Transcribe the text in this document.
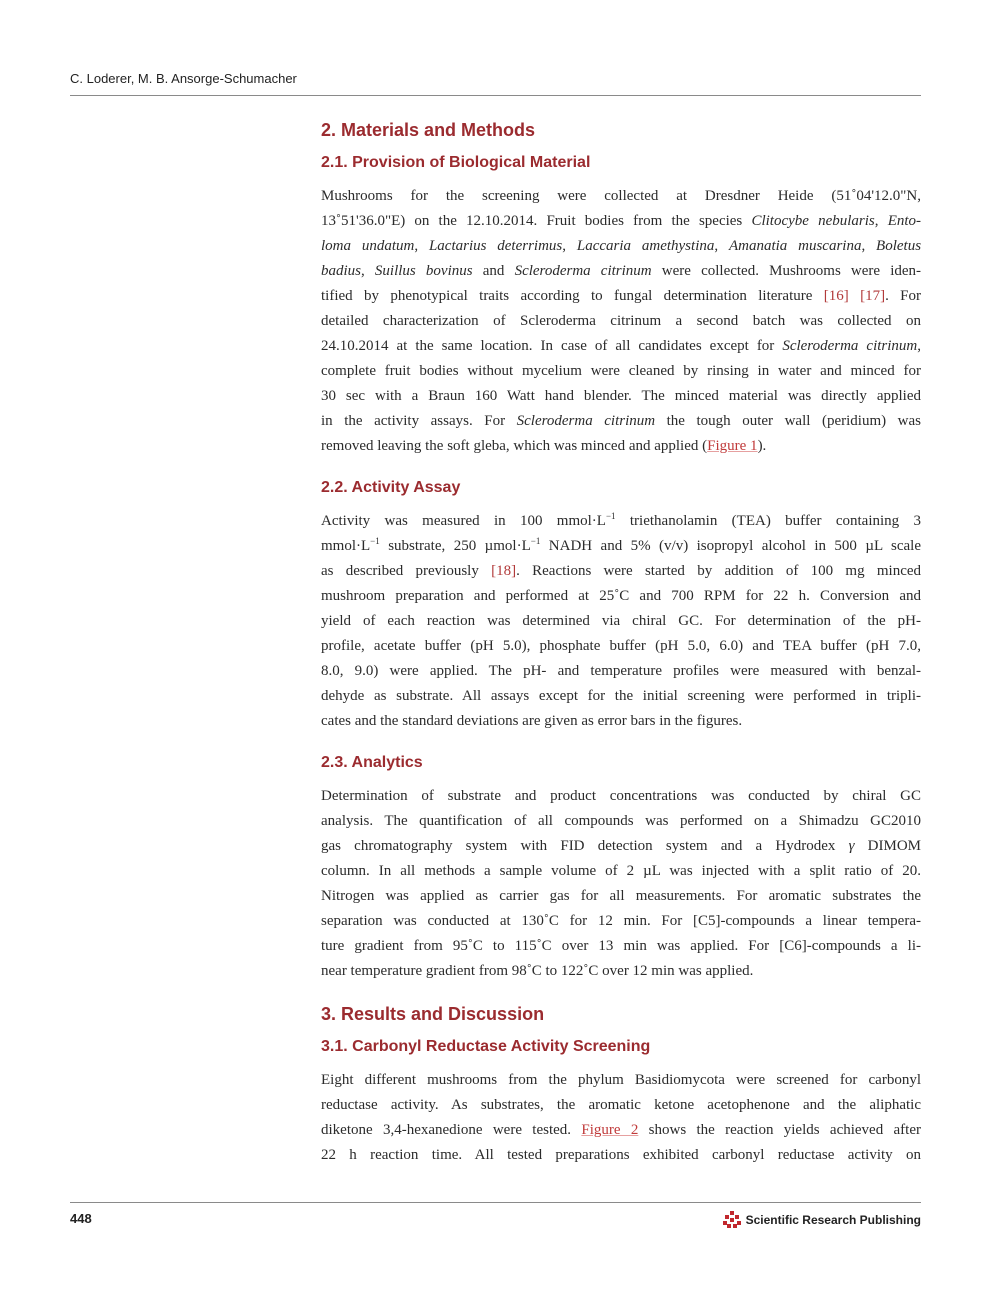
C. Loderer, M. B. Ansorge-Schumacher
2. Materials and Methods
2.1. Provision of Biological Material

Mushrooms for the screening were collected at Dresdner Heide (51˚04'12.0"N,
13˚51'36.0"E) on the 12.10.2014. Fruit bodies from the species Clitocybe nebularis, Ento-
loma undatum, Lactarius deterrimus, Laccaria amethystina, Amanatia muscarina, Boletus
badius, Suillus bovinus and Scleroderma citrinum were collected. Mushrooms were iden-
tified by phenotypical traits according to fungal determination literature [16] [17]. For
detailed characterization of Scleroderma citrinum a second batch was collected on
24.10.2014 at the same location. In case of all candidates except for Scleroderma citrinum,
complete fruit bodies without mycelium were cleaned by rinsing in water and minced for
30 sec with a Braun 160 Watt hand blender. The minced material was directly applied
in the activity assays. For Scleroderma citrinum the tough outer wall (peridium) was
removed leaving the soft gleba, which was minced and applied (Figure 1).

2.2. Activity Assay

Activity was measured in 100 $mmol\cdot L^{-1}$ triethanolamin (TEA) buffer containing 3
$mmol\cdot L^{-1}$ substrate, 250 $\mu mol\cdot L^{-1}$ NADH and 5% (v/v) isopropyl alcohol in 500 µL scale
as described previously [18]. Reactions were started by addition of 100 mg minced
mushroom preparation and performed at 25˚C and 700 RPM for 22 h. Conversion and
yield of each reaction was determined via chiral GC. For determination of the pH-
profile, acetate buffer (pH 5.0), phosphate buffer (pH 5.0, 6.0) and TEA buffer (pH 7.0,
8.0, 9.0) were applied. The pH- and temperature profiles were measured with benzal-
dehyde as substrate. All assays except for the initial screening were performed in tripli-
cates and the standard deviations are given as error bars in the figures.

2.3. Analytics

Determination of substrate and product concentrations was conducted by chiral GC
analysis. The quantification of all compounds was performed on a Shimadzu GC2010
gas chromatography system with FID detection system and a Hydrodex γ DIMOM
column. In all methods a sample volume of 2 µL was injected with a split ratio of 20.
Nitrogen was applied as carrier gas for all measurements. For aromatic substrates the
separation was conducted at 130˚C for 12 min. For [C5]-compounds a linear tempera-
ture gradient from 95˚C to 115˚C over 13 min was applied. For [C6]-compounds a li-
near temperature gradient from 98˚C to 122˚C over 12 min was applied.

3. Results and Discussion
3.1. Carbonyl Reductase Activity Screening

Eight different mushrooms from the phylum Basidiomycota were screened for carbonyl
reductase activity. As substrates, the aromatic ketone acetophenone and the aliphatic
diketone 3,4-hexanedione were tested. Figure 2 shows the reaction yields achieved after
22 h reaction time. All tested preparations exhibited carbonyl reductase activity on

448	Scientific Research Publishing
